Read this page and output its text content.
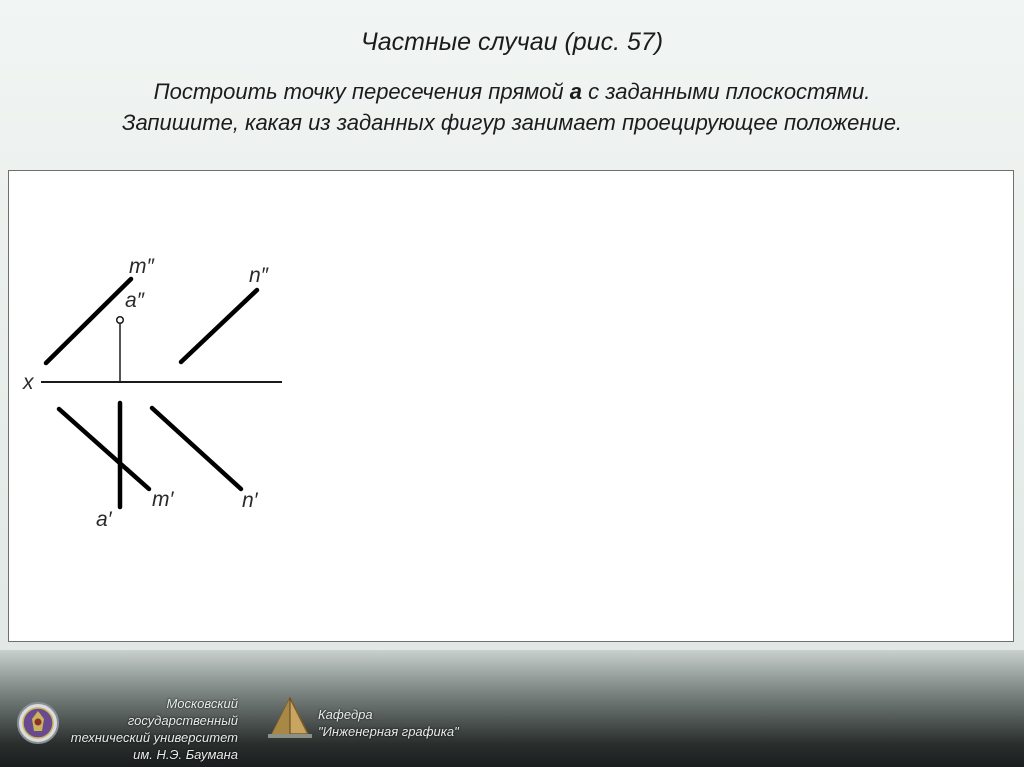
Частные случаи (рис. 57)
Построить точку пересечения прямой а с заданными плоскостями.
Запишите, какая из заданных фигур занимает проецирующее положение.
m″
a″
n″
x
a′
m′	n′
Московский государственный
технический университет
им. Н.Э. Баумана
Кафедра
"Инженерная графика"
